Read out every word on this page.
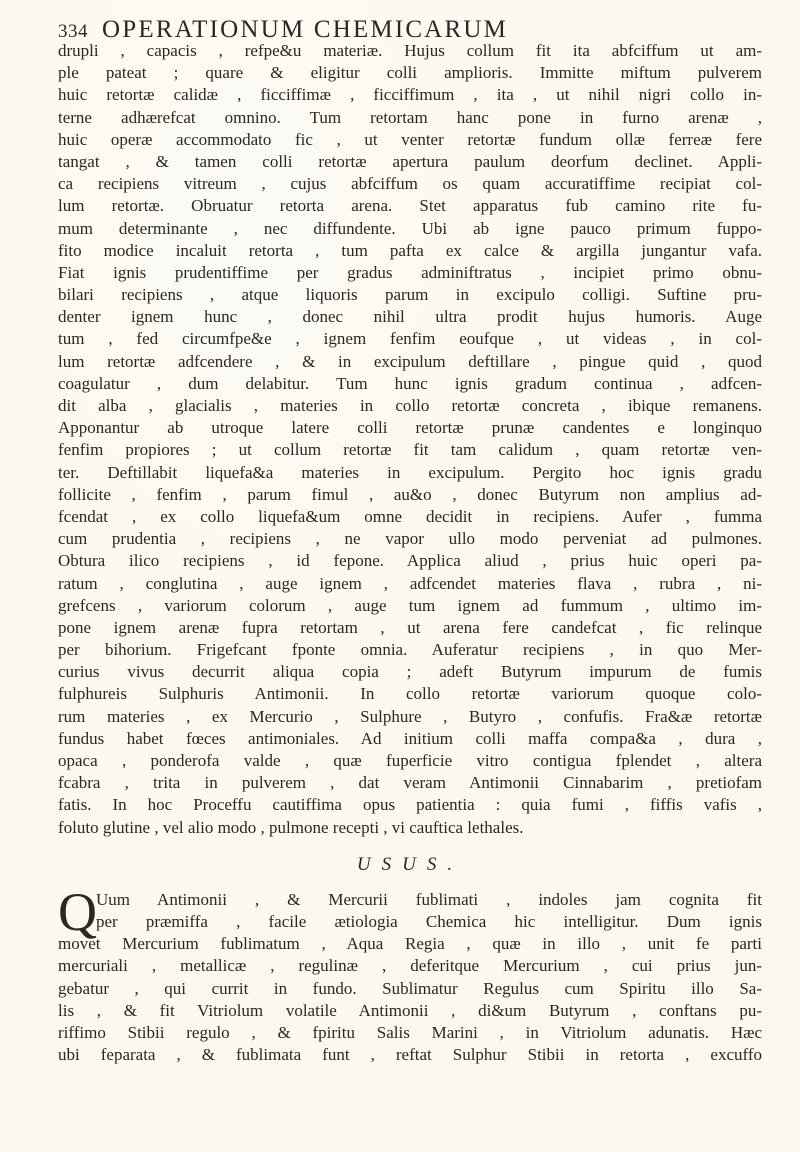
334 OPERATIONUM CHEMICARUM
drupli , capacis , refpe&u materiæ. Hujus collum fit ita abfciffum ut am-
ple pateat ; quare & eligitur colli amplioris. Immitte miftum pulverem
huic retortæ calidæ , ficciffimæ , ficciffimum , ita , ut nihil nigri collo in-
terne adhærefcat omnino. Tum retortam hanc pone in furno arenæ ,
huic operæ accommodato fic , ut venter retortæ fundum ollæ ferreæ fere
tangat , & tamen colli retortæ apertura paulum deorfum declinet. Appli-
ca recipiens vitreum , cujus abfciffum os quam accuratiffime recipiat col-
lum retortæ. Obruatur retorta arena. Stet apparatus fub camino rite fu-
mum determinante , nec diffundente. Ubi ab igne pauco primum fuppo-
fito modice incaluit retorta , tum pafta ex calce & argilla jungantur vafa.
Fiat ignis prudentiffime per gradus adminiftratus , incipiet primo obnu-
bilari recipiens , atque liquoris parum in excipulo colligi. Suftine pru-
denter ignem hunc , donec nihil ultra prodit hujus humoris. Auge
tum , fed circumfpe&e , ignem fenfim eoufque , ut videas , in col-
lum retortæ adfcendere , & in excipulum deftillare , pingue quid , quod
coagulatur , dum delabitur. Tum hunc ignis gradum continua , adfcen-
dit alba , glacialis , materies in collo retortæ concreta , ibique remanens.
Apponantur ab utroque latere colli retortæ prunæ candentes e longinquo
fenfim propiores ; ut collum retortæ fit tam calidum , quam retortæ ven-
ter. Deftillabit liquefa&a materies in excipulum. Pergito hoc ignis gradu
follicite , fenfim , parum fimul , au&o , donec Butyrum non amplius ad-
fcendat , ex collo liquefa&um omne decidit in recipiens. Aufer , fumma
cum prudentia , recipiens , ne vapor ullo modo perveniat ad pulmones.
Obtura ilico recipiens , id fepone. Applica aliud , prius huic operi pa-
ratum , conglutina , auge ignem , adfcendet materies flava , rubra , ni-
grefcens , variorum colorum , auge tum ignem ad fummum , ultimo im-
pone ignem arenæ fupra retortam , ut arena fere candefcat , fic relinque
per bihorium. Frigefcant fponte omnia. Auferatur recipiens , in quo Mer-
curius vivus decurrit aliqua copia ; adeft Butyrum impurum de fumis
fulphureis Sulphuris Antimonii. In collo retortæ variorum quoque colo-
rum materies , ex Mercurio , Sulphure , Butyro , confufis. Fra&æ retortæ
fundus habet fœces antimoniales. Ad initium colli maffa compa&a , dura ,
opaca , ponderofa valde , quæ fuperficie vitro contigua fplendet , altera
fcabra , trita in pulverem , dat veram Antimonii Cinnabarim , pretiofam
fatis. In hoc Proceffu cautiffima opus patientia : quia fumi , fiffis vafis ,
foluto glutine , vel alio modo , pulmone recepti , vi cauftica lethales.
USUS.
Q Uum Antimonii , & Mercurii fublimati , indoles jam cognita fit
per præmiffa , facile ætiologia Chemica hic intelligitur. Dum ignis
movet Mercurium fublimatum , Aqua Regia , quæ in illo , unit fe parti
mercuriali , metallicæ , regulinæ , deferitque Mercurium , cui prius jun-
gebatur , qui currit in fundo. Sublimatur Regulus cum Spiritu illo Sa-
lis , & fit Vitriolum volatile Antimonii , di&um Butyrum , conftans pu-
riffimo Stibii regulo , & fpiritu Salis Marini , in Vitriolum adunatis. Hæc
ubi feparata , & fublimata funt , reftat Sulphur Stibii in retorta , excuffo
